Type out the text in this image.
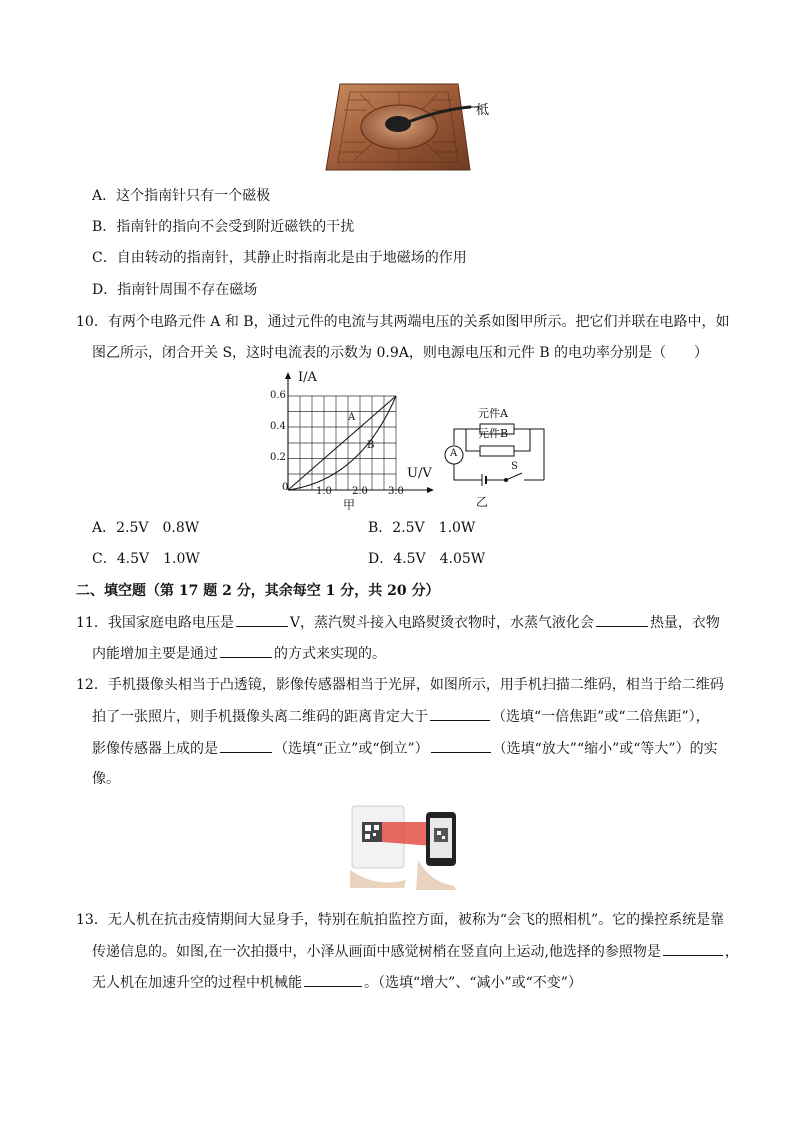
柢
A．这个指南针只有一个磁极
B．指南针的指向不会受到附近磁铁的干扰
C．自由转动的指南针，其静止时指南北是由于地磁场的作用
D．指南针周围不存在磁场
10．有两个电路元件 A 和 B，通过元件的电流与其两端电压的关系如图甲所示。把它们并联在电路中，如
图乙所示，闭合开关 S，这时电流表的示数为 0.9A，则电源电压和元件 B 的电功率分别是（　　）
I/A
U/V
0
0.6
0.4
0.2
1.0 2.0 3.0
A
B
甲
元件A
元件B
A
S
乙
A．2.5V　0.8W	B．2.5V　1.0W
C．4.5V　1.0W	D．4.5V　4.05W
二、填空题（第 17 题 2 分，其余每空 1 分，共 20 分）
11．我国家庭电路电压是	V，蒸汽熨斗接入电路熨烫衣物时，水蒸气液化会	热量，衣物
内能增加主要是通过	的方式来实现的。
12．手机摄像头相当于凸透镜，影像传感器相当于光屏，如图所示，用手机扫描二维码，相当于给二维码
拍了一张照片，则手机摄像头离二维码的距离肯定大于	（选填“一倍焦距”或“二倍焦距”），
影像传感器上成的是	（选填“正立”或“倒立”）	（选填“放大”“缩小”或“等大”）的实
像。
13．无人机在抗击疫情期间大显身手，特别在航拍监控方面，被称为“会飞的照相机”。它的操控系统是靠
传递信息的。如图,在一次拍摄中，小泽从画面中感觉树梢在竖直向上运动,他选择的参照物是	，
无人机在加速升空的过程中机械能	。（选填“增大”、“减小”或“不变”）
